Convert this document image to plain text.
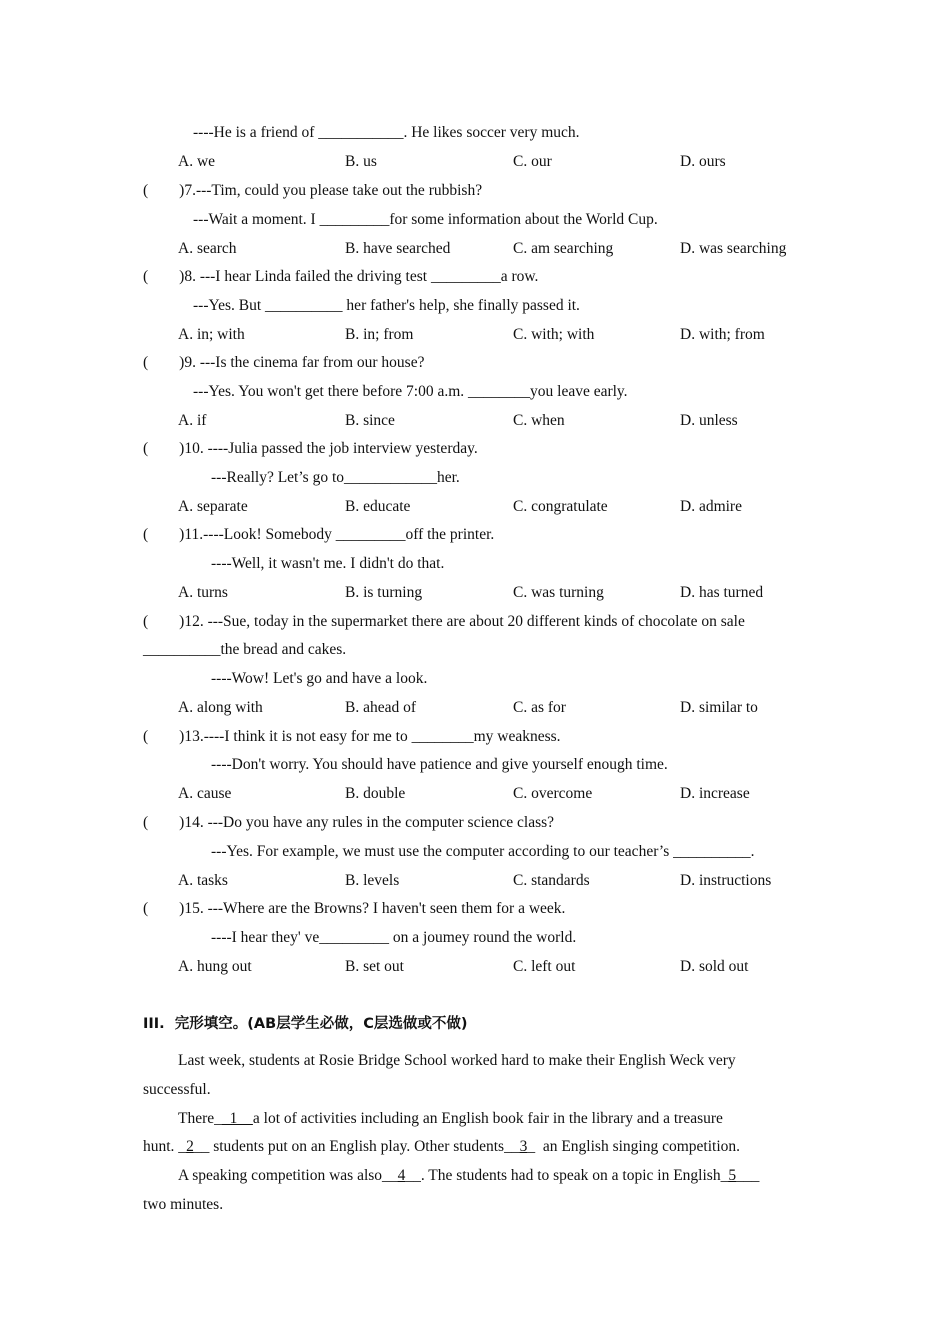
----He is a friend of ___________. He likes soccer very much.
A. we	B. us	C. our	D. ours
(        )7.---Tim, could you please take out the rubbish?
---Wait a moment. I _________for some information about the World Cup.
A. search	B. have searched	C. am searching	D. was searching
(        )8. ---I hear Linda failed the driving test _________a row.
---Yes. But __________ her father's help, she finally passed it.
A. in; with	B. in; from	C. with; with	D. with; from
(        )9. ---Is the cinema far from our house?
---Yes. You won't get there before 7:00 a.m. ________you leave early.
A. if	B. since	C. when	D. unless
(        )10. ----Julia passed the job interview yesterday.
---Really? Let’s go to____________her.
A. separate	B. educate	C. congratulate	D. admire
(        )11.----Look! Somebody _________off the printer.
----Well, it wasn't me. I didn't do that.
A. turns	B. is turning	C. was turning	D. has turned
(        )12. ---Sue, today in the supermarket there are about 20 different kinds of chocolate on sale
__________the bread and cakes.
----Wow! Let's go and have a look.
A. along with	B. ahead of	C. as for	D. similar to
(        )13.----I think it is not easy for me to ________my weakness.
----Don't worry. You should have patience and give yourself enough time.
A. cause	B. double	C. overcome	D. increase
(        )14. ---Do you have any rules in the computer science class?
---Yes. For example, we must use the computer according to our teacher’s __________.
A. tasks	B. levels	C. standards	D. instructions
(        )15. ---Where are the Browns? I haven't seen them for a week.
----I hear they' ve_________ on a joumey round the world.
A. hung out	B. set out	C. left out	D. sold out
III.  完形填空。(AB层学生必做，C层选做或不做)
Last week, students at Rosie Bridge School worked hard to make their English Weck very
successful.
There_  1    a lot of activities including an English book fair in the library and a treasure
hunt. _2__ students put on an English play. Other students__3_  an English singing competition.
A speaking competition was also__4__. The students had to speak on a topic in English_5___
two minutes.
